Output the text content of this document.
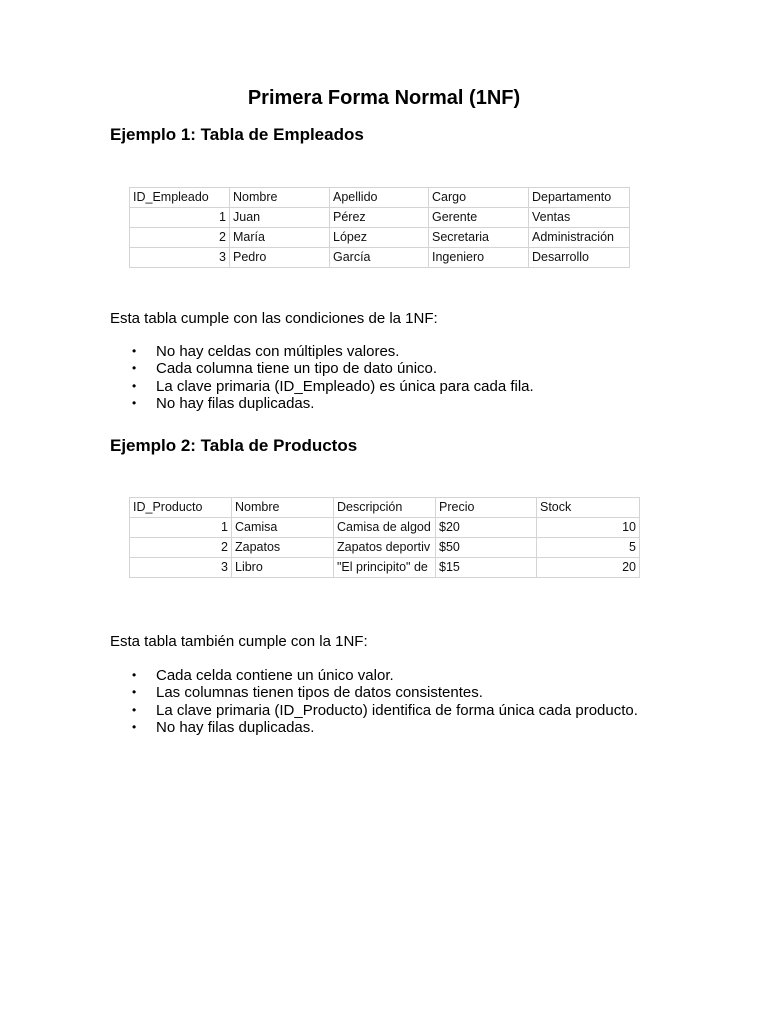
Primera Forma Normal (1NF)
Ejemplo 1: Tabla de Empleados
ID_Empleado	Nombre	Apellido	Cargo	Departamento
1	Juan	Pérez	Gerente	Ventas
2	María	López	Secretaria	Administración
3	Pedro	García	Ingeniero	Desarrollo

Esta tabla cumple con las condiciones de la 1NF:

• No hay celdas con múltiples valores.
• Cada columna tiene un tipo de dato único.
• La clave primaria (ID_Empleado) es única para cada fila.
• No hay filas duplicadas.
Ejemplo 2: Tabla de Productos
ID_Producto	Nombre	Descripción	Precio	Stock
1	Camisa	Camisa de algod	$20	10
2	Zapatos	Zapatos deportiv	$50	5
3	Libro	"El principito" de	$15	20

Esta tabla también cumple con la 1NF:

• Cada celda contiene un único valor.
• Las columnas tienen tipos de datos consistentes.
• La clave primaria (ID_Producto) identifica de forma única cada producto.
• No hay filas duplicadas.
